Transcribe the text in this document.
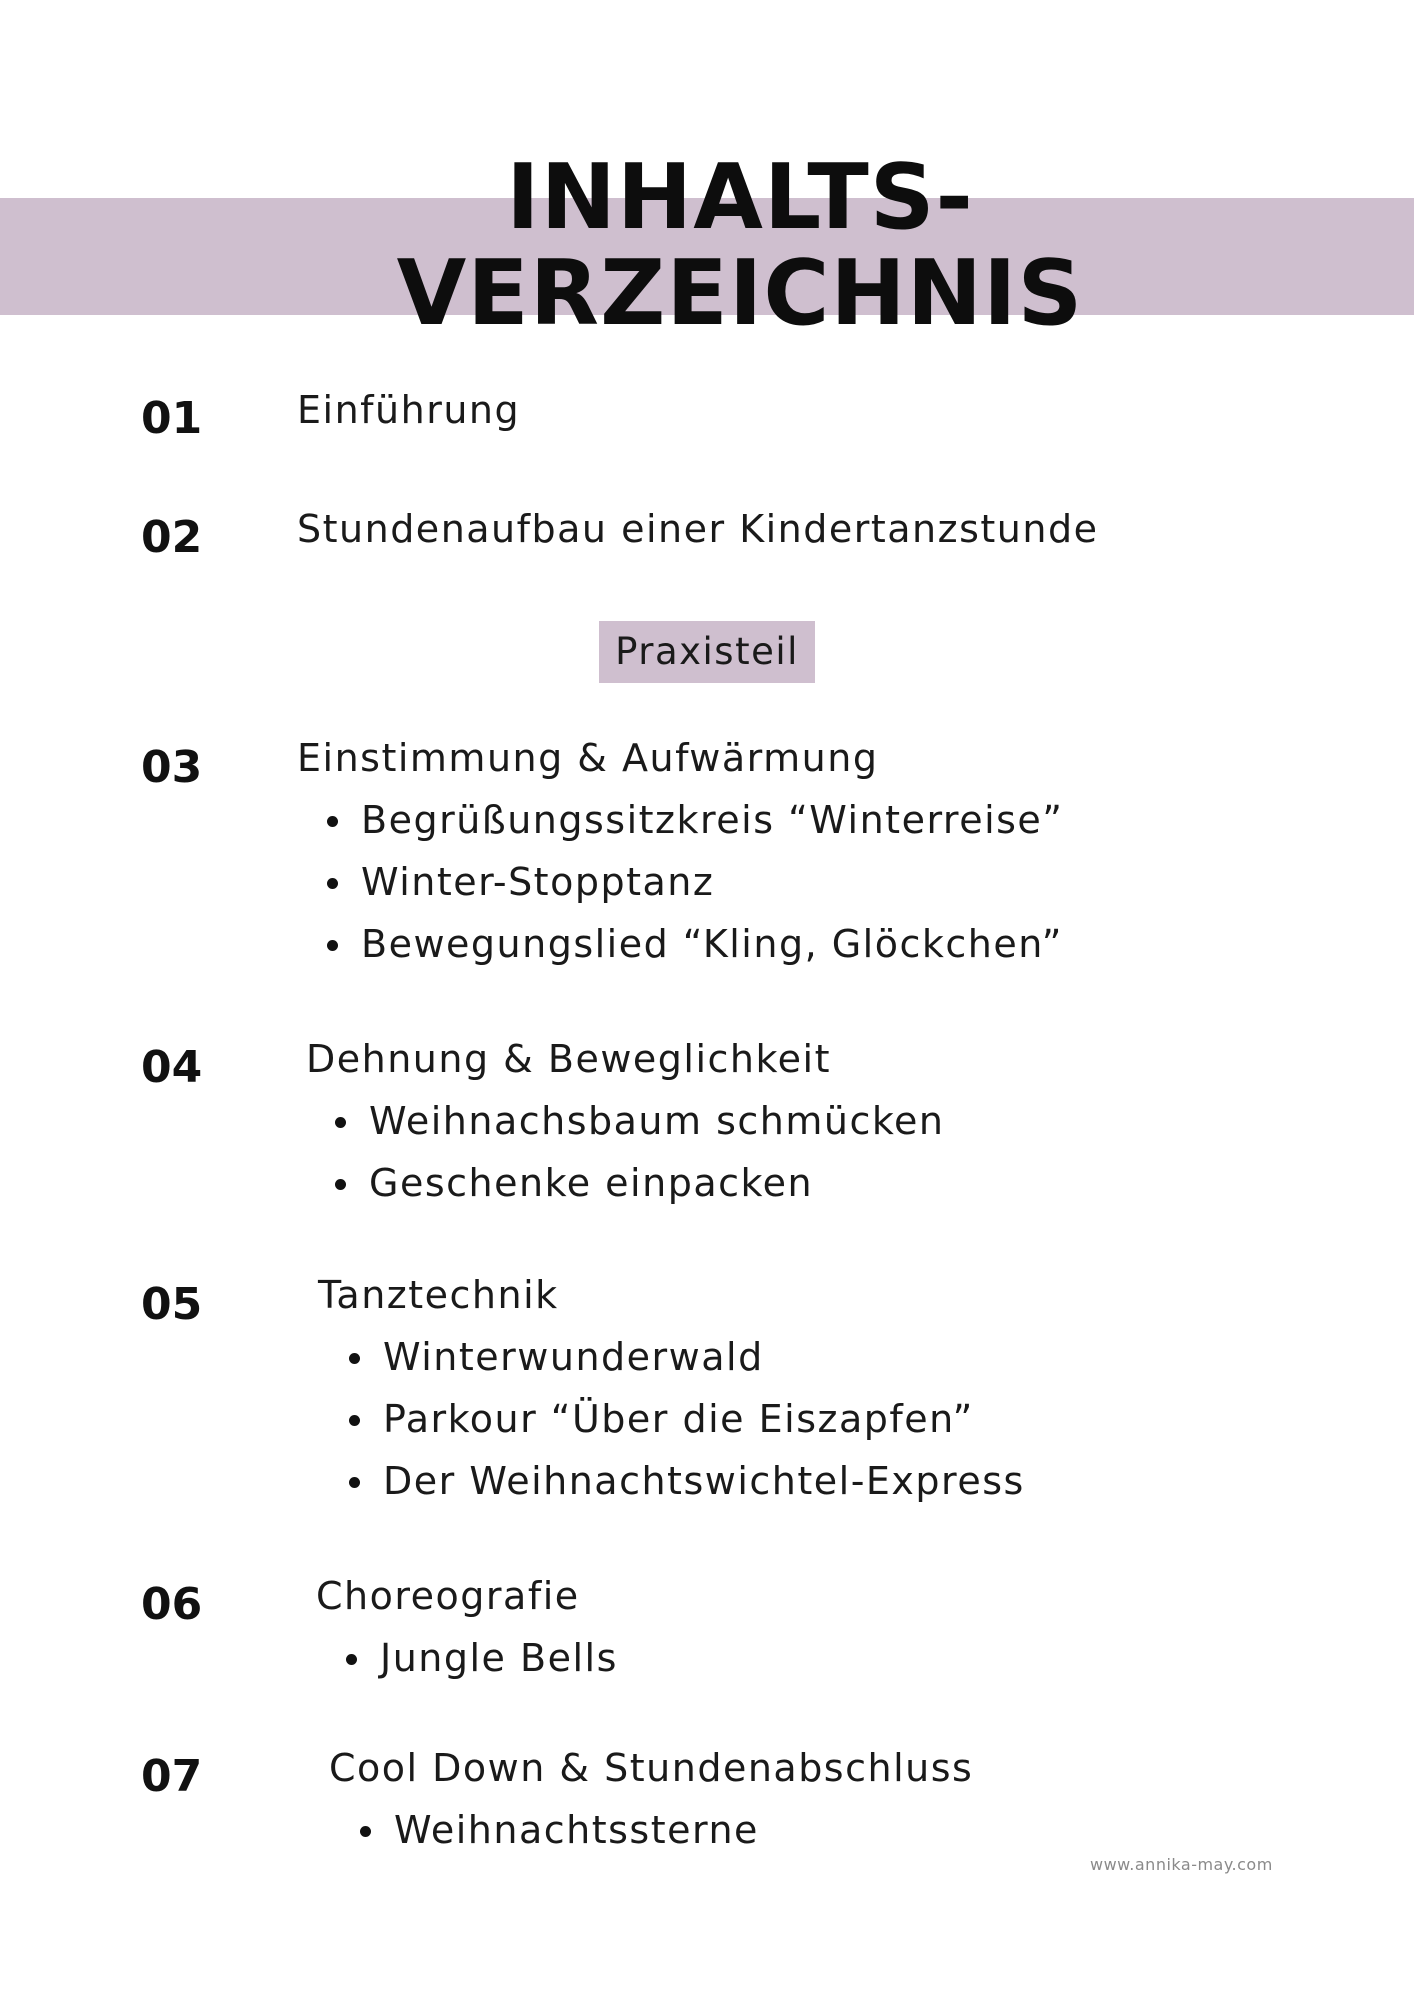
INHALTS-
VERZEICHNIS
01 Einführung
02 Stundenaufbau einer Kindertanzstunde
Praxisteil
03 Einstimmung & Aufwärmung
Begrüßungssitzkreis “Winterreise”
Winter-Stopptanz
Bewegungslied “Kling, Glöckchen”
04	Dehnung & Beweglichkeit
Weihnachsbaum schmücken
Geschenke einpacken
05	Tanztechnik
Winterwunderwald
Parkour “Über die Eiszapfen”
Der Weihnachtswichtel-Express
06	Choreografie
Jungle Bells
07	Cool Down & Stundenabschluss
Weihnachtssterne
www.annika-may.com
